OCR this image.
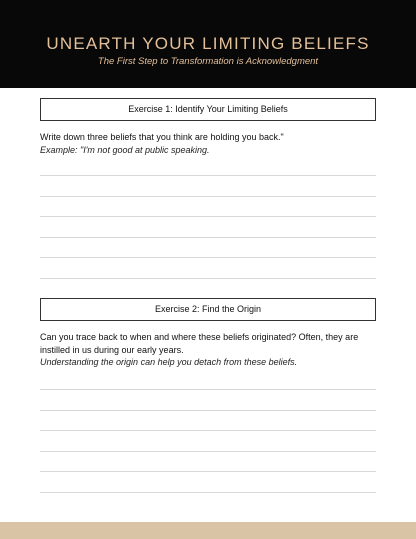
UNEARTH YOUR LIMITING BELIEFS
The First Step to Transformation is Acknowledgment
Exercise 1: Identify Your Limiting Beliefs
Write down three beliefs that you think are holding you back."
Example: "I'm not good at public speaking.
Exercise 2: Find the Origin
Can you trace back to when and where these beliefs originated? Often, they are instilled in us during our early years.
Understanding the origin can help you detach from these beliefs.
